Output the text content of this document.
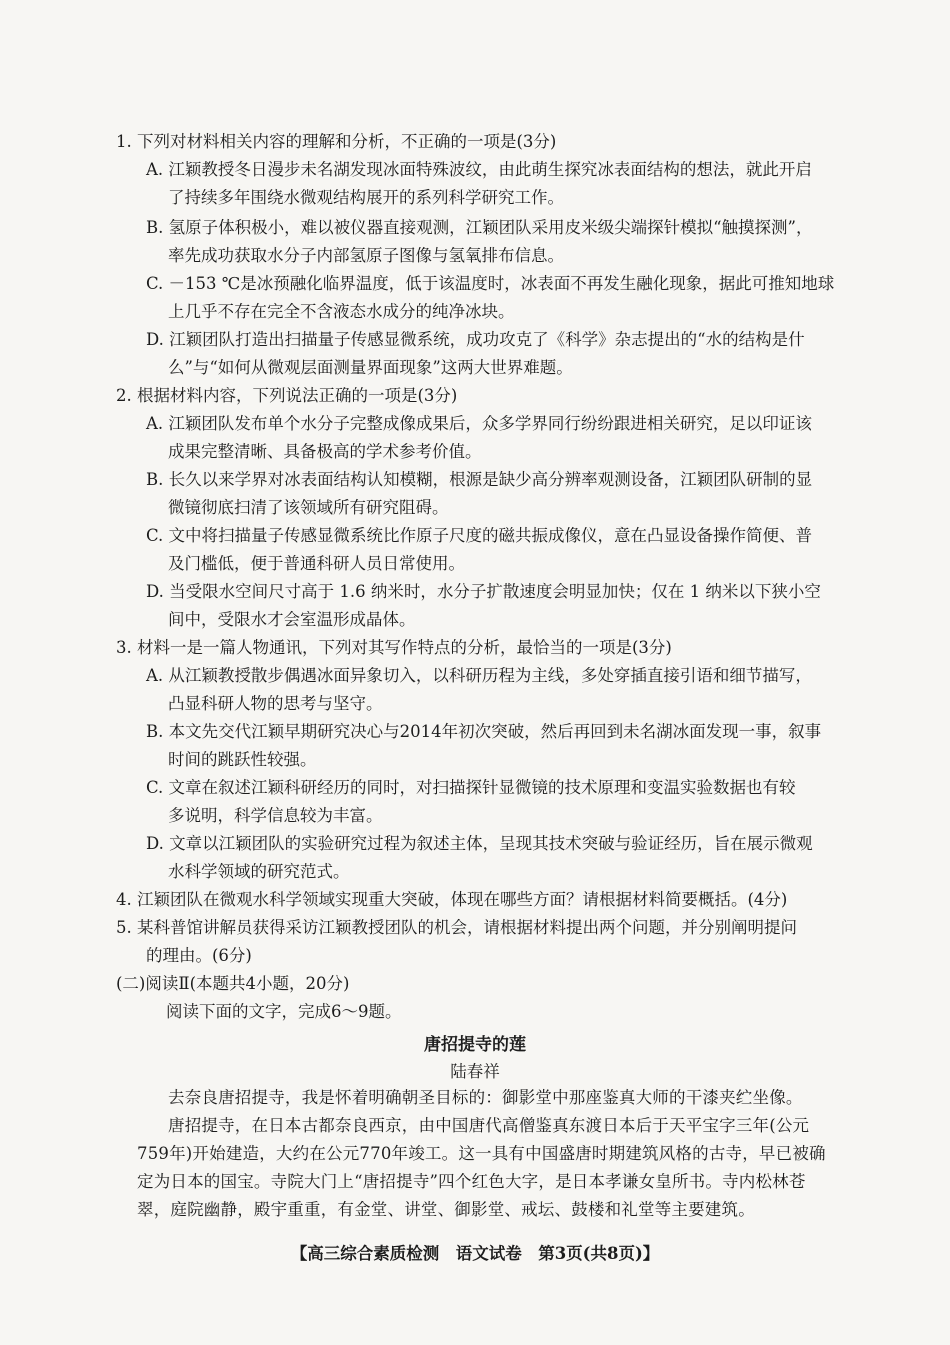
1. 下列对材料相关内容的理解和分析，不正确的一项是(3分)
A. 江颖教授冬日漫步未名湖发现冰面特殊波纹，由此萌生探究冰表面结构的想法，就此开启
了持续多年围绕水微观结构展开的系列科学研究工作。
B. 氢原子体积极小，难以被仪器直接观测，江颖团队采用皮米级尖端探针模拟“触摸探测”，
率先成功获取水分子内部氢原子图像与氢氧排布信息。
C. －153 ℃是冰预融化临界温度，低于该温度时，冰表面不再发生融化现象，据此可推知地球
上几乎不存在完全不含液态水成分的纯净冰块。
D. 江颖团队打造出扫描量子传感显微系统，成功攻克了《科学》杂志提出的“水的结构是什
么”与“如何从微观层面测量界面现象”这两大世界难题。
2. 根据材料内容，下列说法正确的一项是(3分)
A. 江颖团队发布单个水分子完整成像成果后，众多学界同行纷纷跟进相关研究，足以印证该
成果完整清晰、具备极高的学术参考价值。
B. 长久以来学界对冰表面结构认知模糊，根源是缺少高分辨率观测设备，江颖团队研制的显
微镜彻底扫清了该领域所有研究阻碍。
C. 文中将扫描量子传感显微系统比作原子尺度的磁共振成像仪，意在凸显设备操作简便、普
及门槛低，便于普通科研人员日常使用。
D. 当受限水空间尺寸高于 1.6 纳米时，水分子扩散速度会明显加快；仅在 1 纳米以下狭小空
间中，受限水才会室温形成晶体。
3. 材料一是一篇人物通讯，下列对其写作特点的分析，最恰当的一项是(3分)
A. 从江颖教授散步偶遇冰面异象切入，以科研历程为主线，多处穿插直接引语和细节描写，
凸显科研人物的思考与坚守。
B. 本文先交代江颖早期研究决心与2014年初次突破，然后再回到未名湖冰面发现一事，叙事
时间的跳跃性较强。
C. 文章在叙述江颖科研经历的同时，对扫描探针显微镜的技术原理和变温实验数据也有较
多说明，科学信息较为丰富。
D. 文章以江颖团队的实验研究过程为叙述主体，呈现其技术突破与验证经历，旨在展示微观
水科学领域的研究范式。
4. 江颖团队在微观水科学领域实现重大突破，体现在哪些方面？请根据材料简要概括。(4分)
5. 某科普馆讲解员获得采访江颖教授团队的机会，请根据材料提出两个问题，并分别阐明提问
的理由。(6分)
(二)阅读Ⅱ(本题共4小题，20分)
阅读下面的文字，完成6～9题。
唐招提寺的莲
陆春祥
去奈良唐招提寺，我是怀着明确朝圣目标的：御影堂中那座鉴真大师的干漆夹纻坐像。
唐招提寺，在日本古都奈良西京，由中国唐代高僧鉴真东渡日本后于天平宝字三年(公元
759年)开始建造，大约在公元770年竣工。这一具有中国盛唐时期建筑风格的古寺，早已被确
定为日本的国宝。寺院大门上“唐招提寺”四个红色大字，是日本孝谦女皇所书。寺内松林苍
翠，庭院幽静，殿宇重重，有金堂、讲堂、御影堂、戒坛、鼓楼和礼堂等主要建筑。
【高三综合素质检测　语文试卷　第3页(共8页)】
